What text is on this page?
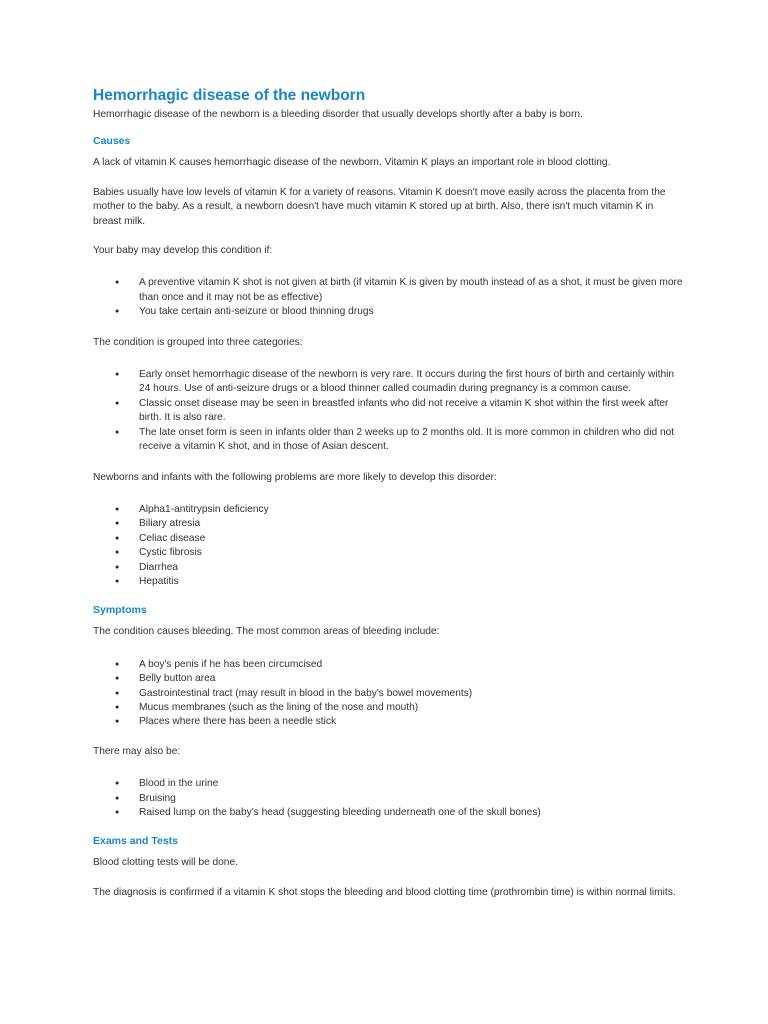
Hemorrhagic disease of the newborn

Hemorrhagic disease of the newborn is a bleeding disorder that usually develops shortly after a baby is born.

Causes

A lack of vitamin K causes hemorrhagic disease of the newborn. Vitamin K plays an important role in blood clotting.

Babies usually have low levels of vitamin K for a variety of reasons. Vitamin K doesn't move easily across the placenta from the mother to the baby. As a result, a newborn doesn't have much vitamin K stored up at birth. Also, there isn't much vitamin K in breast milk.

Your baby may develop this condition if:

● A preventive vitamin K shot is not given at birth (if vitamin K is given by mouth instead of as a shot, it must be given more than once and it may not be as effective)
● You take certain anti-seizure or blood thinning drugs

The condition is grouped into three categories:

● Early onset hemorrhagic disease of the newborn is very rare. It occurs during the first hours of birth and certainly within 24 hours. Use of anti-seizure drugs or a blood thinner called coumadin during pregnancy is a common cause.
● Classic onset disease may be seen in breastfed infants who did not receive a vitamin K shot within the first week after birth. It is also rare.
● The late onset form is seen in infants older than 2 weeks up to 2 months old. It is more common in children who did not receive a vitamin K shot, and in those of Asian descent.

Newborns and infants with the following problems are more likely to develop this disorder:

● Alpha1-antitrypsin deficiency
● Biliary atresia
● Celiac disease
● Cystic fibrosis
● Diarrhea
● Hepatitis
Symptoms

The condition causes bleeding. The most common areas of bleeding include:

● A boy's penis if he has been circumcised
● Belly button area
● Gastrointestinal tract (may result in blood in the baby's bowel movements)
● Mucus membranes (such as the lining of the nose and mouth)
● Places where there has been a needle stick

There may also be:

● Blood in the urine
● Bruising
● Raised lump on the baby's head (suggesting bleeding underneath one of the skull bones)
Exams and Tests

Blood clotting tests will be done.

The diagnosis is confirmed if a vitamin K shot stops the bleeding and blood clotting time (prothrombin time) is within normal limits.
